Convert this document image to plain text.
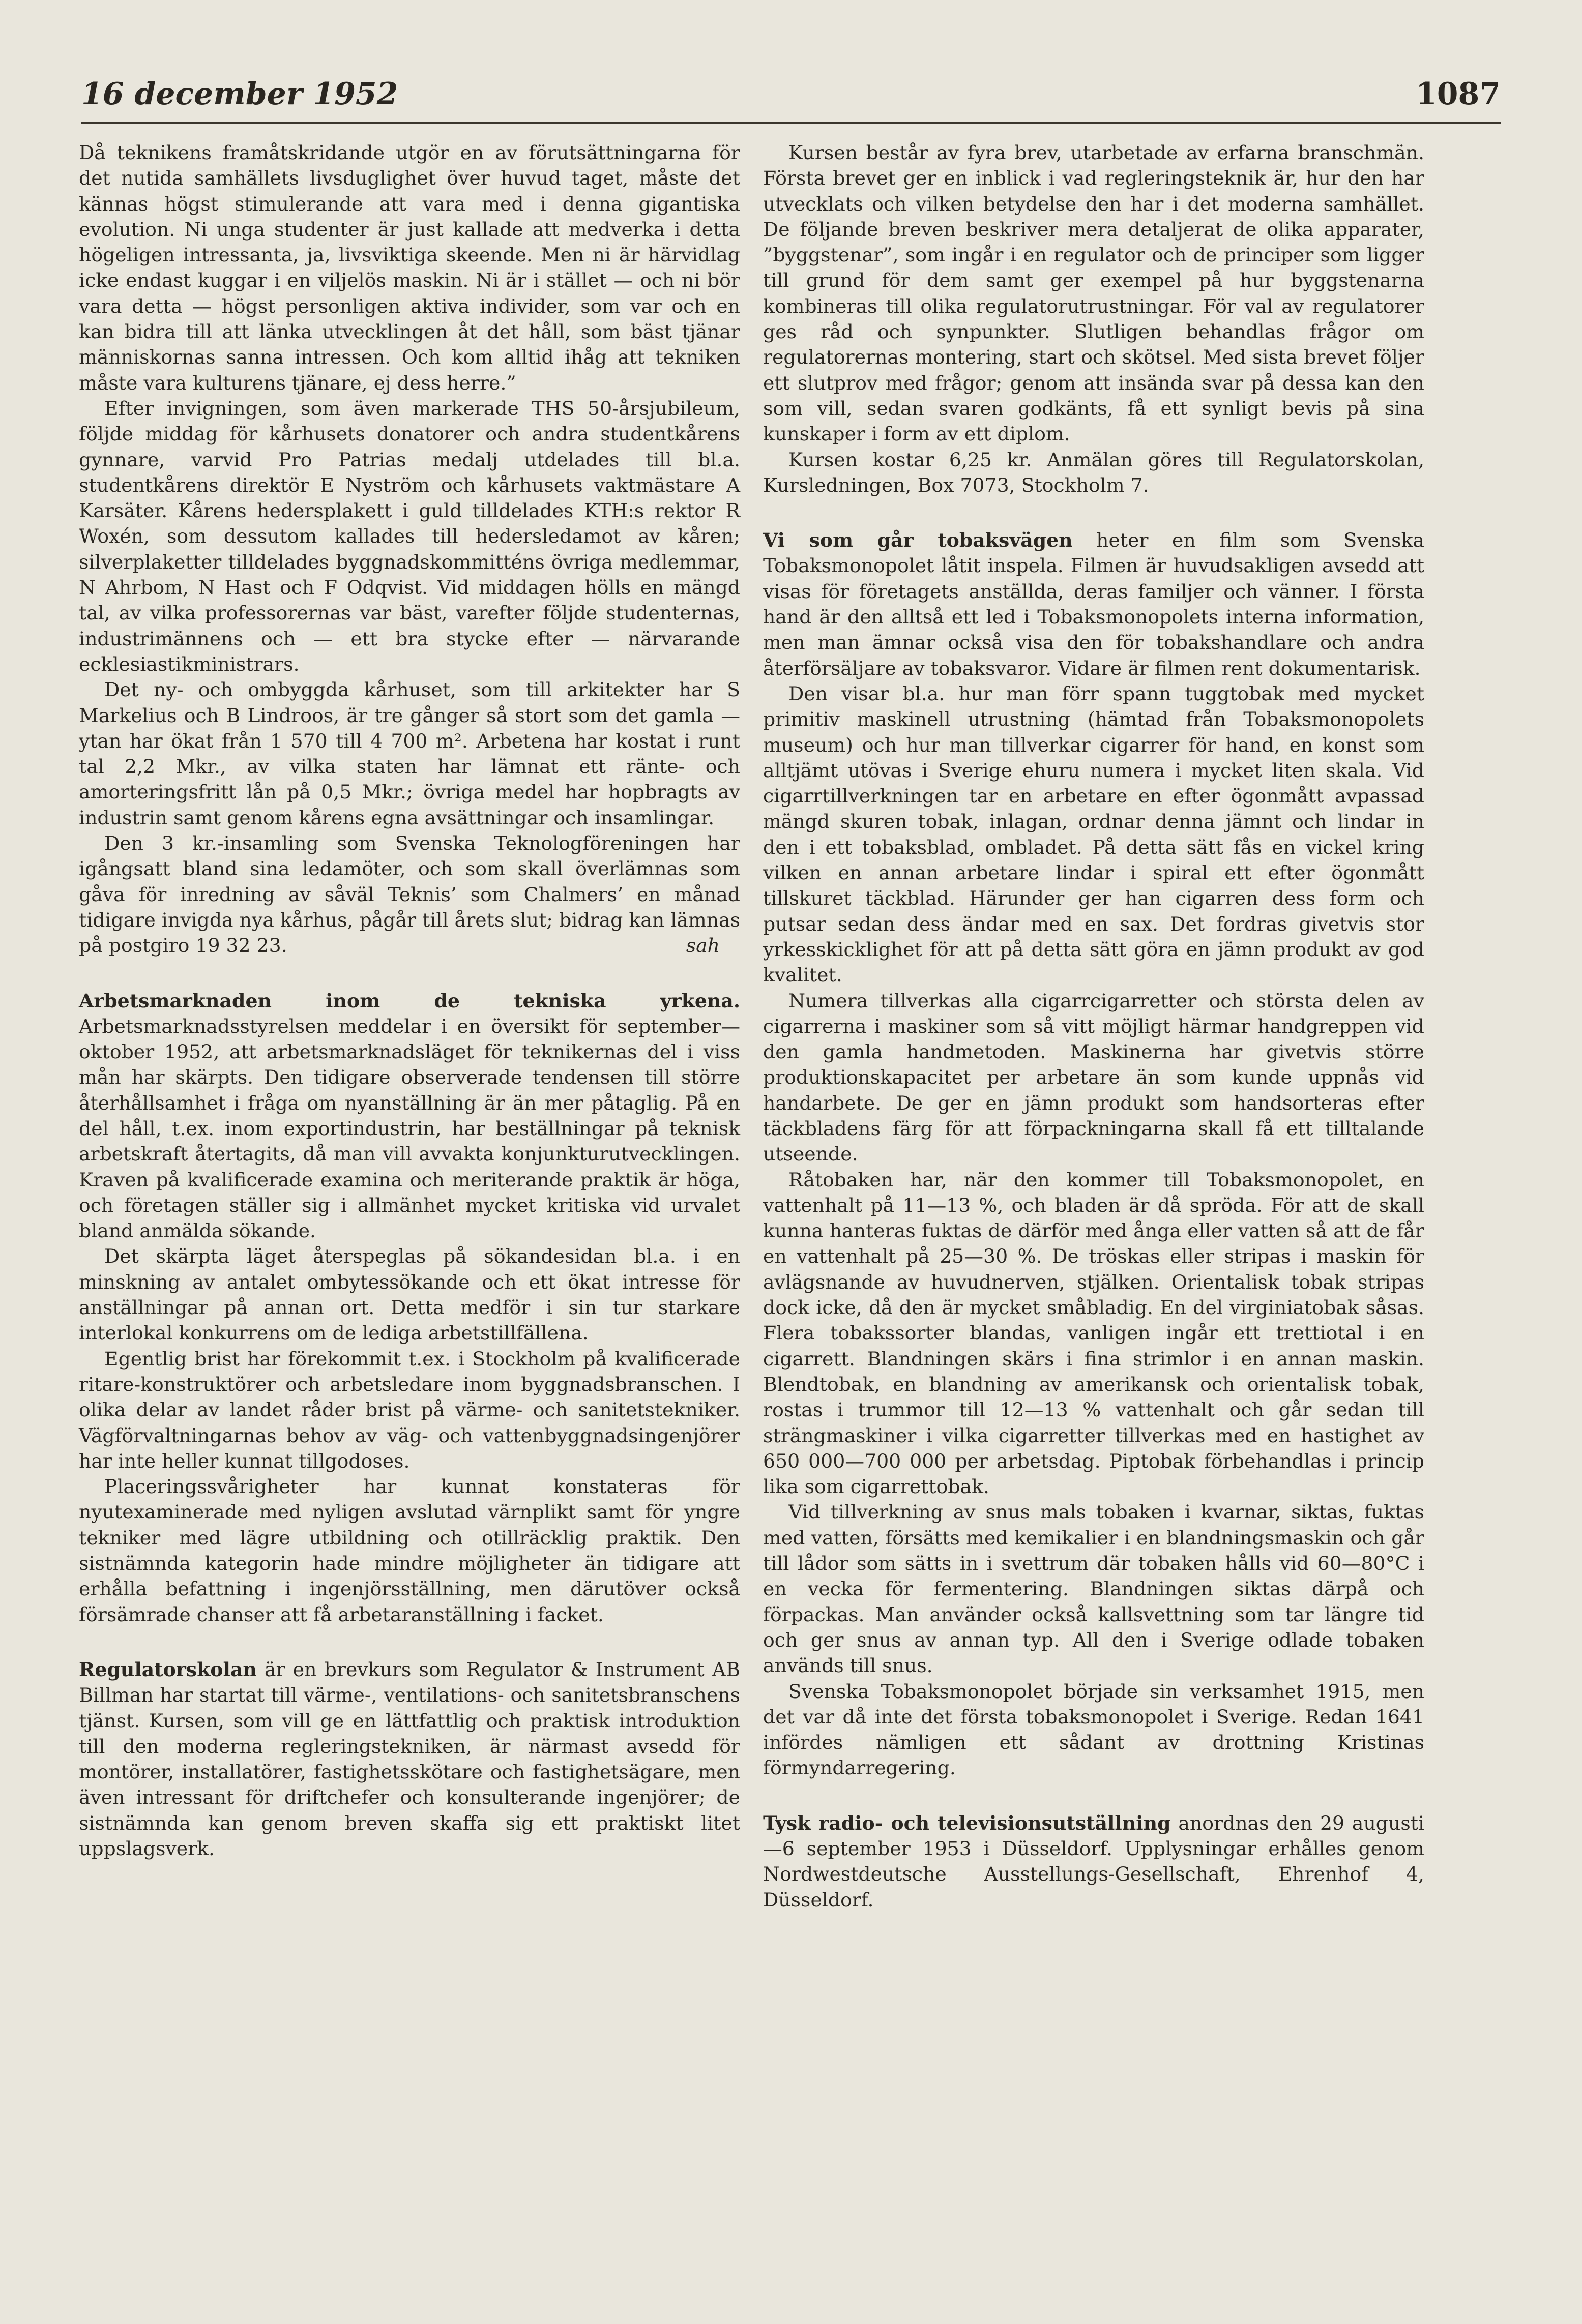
16 december 1952	1087

Då teknikens framåtskridande utgör en av förutsättningarna för det nutida samhällets livsduglighet över huvud taget, måste det kännas högst stimulerande att vara med i denna gigantiska evolution. Ni unga studenter är just kallade att medverka i detta högeligen intressanta, ja, livsviktiga skeende. Men ni är härvidlag icke endast kuggar i en viljelös maskin. Ni är i stället — och ni bör vara detta — högst personligen aktiva individer, som var och en kan bidra till att länka utvecklingen åt det håll, som bäst tjänar människornas sanna intressen. Och kom alltid ihåg att tekniken måste vara kulturens tjänare, ej dess herre.”

Efter invigningen, som även markerade THS 50-årsjubileum, följde middag för kårhusets donatorer och andra studentkårens gynnare, varvid Pro Patrias medalj utdelades till bl.a. studentkårens direktör E Nyström och kårhusets vaktmästare A Karsäter. Kårens hedersplakett i guld tilldelades KTH:s rektor R Woxén, som dessutom kallades till hedersledamot av kåren; silverplaketter tilldelades byggnadskommitténs övriga medlemmar, N Ahrbom, N Hast och F Odqvist. Vid middagen hölls en mängd tal, av vilka professorernas var bäst, varefter följde studenternas, industrimännens och — ett bra stycke efter — närvarande ecklesiastikministrars.

Det ny- och ombyggda kårhuset, som till arkitekter har S Markelius och B Lindroos, är tre gånger så stort som det gamla — ytan har ökat från 1 570 till 4 700 m². Arbetena har kostat i runt tal 2,2 Mkr., av vilka staten har lämnat ett ränte- och amorteringsfritt lån på 0,5 Mkr.; övriga medel har hopbragts av industrin samt genom kårens egna avsättningar och insamlingar.

Den 3 kr.-insamling som Svenska Teknologföreningen har igångsatt bland sina ledamöter, och som skall överlämnas som gåva för inredning av såväl Teknis’ som Chalmers’ en månad tidigare invigda nya kårhus, pågår till årets slut; bidrag kan lämnas på postgiro 19 32 23.	sah

Arbetsmarknaden inom de tekniska yrkena. Arbetsmarknadsstyrelsen meddelar i en översikt för september—oktober 1952, att arbetsmarknadsläget för teknikernas del i viss mån har skärpts. Den tidigare observerade tendensen till större återhållsamhet i fråga om nyanställning är än mer påtaglig. På en del håll, t.ex. inom exportindustrin, har beställningar på teknisk arbetskraft återtagits, då man vill avvakta konjunkturutvecklingen. Kraven på kvalificerade examina och meriterande praktik är höga, och företagen ställer sig i allmänhet mycket kritiska vid urvalet bland anmälda sökande.

Det skärpta läget återspeglas på sökandesidan bl.a. i en minskning av antalet ombytessökande och ett ökat intresse för anställningar på annan ort. Detta medför i sin tur starkare interlokal konkurrens om de lediga arbetstillfällena.

Egentlig brist har förekommit t.ex. i Stockholm på kvalificerade ritare-konstruktörer och arbetsledare inom byggnadsbranschen. I olika delar av landet råder brist på värme- och sanitetstekniker. Vägförvaltningarnas behov av väg- och vattenbyggnadsingenjörer har inte heller kunnat tillgodoses.

Placeringssvårigheter har kunnat konstateras för nyutexaminerade med nyligen avslutad värnplikt samt för yngre tekniker med lägre utbildning och otillräcklig praktik. Den sistnämnda kategorin hade mindre möjligheter än tidigare att erhålla befattning i ingenjörsställning, men därutöver också försämrade chanser att få arbetaranställning i facket.

Regulatorskolan är en brevkurs som Regulator & Instrument AB Billman har startat till värme-, ventilations- och sanitetsbranschens tjänst. Kursen, som vill ge en lättfattlig och praktisk introduktion till den moderna regleringstekniken, är närmast avsedd för montörer, installatörer, fastighetsskötare och fastighetsägare, men även intressant för driftchefer och konsulterande ingenjörer; de sistnämnda kan genom breven skaffa sig ett praktiskt litet uppslagsverk.

Kursen består av fyra brev, utarbetade av erfarna branschmän. Första brevet ger en inblick i vad regleringsteknik är, hur den har utvecklats och vilken betydelse den har i det moderna samhället. De följande breven beskriver mera detaljerat de olika apparater, ”byggstenar”, som ingår i en regulator och de principer som ligger till grund för dem samt ger exempel på hur byggstenarna kombineras till olika regulatorutrustningar. För val av regulatorer ges råd och synpunkter. Slutligen behandlas frågor om regulatorernas montering, start och skötsel. Med sista brevet följer ett slutprov med frågor; genom att insända svar på dessa kan den som vill, sedan svaren godkänts, få ett synligt bevis på sina kunskaper i form av ett diplom.

Kursen kostar 6,25 kr. Anmälan göres till Regulatorskolan, Kursledningen, Box 7073, Stockholm 7.

Vi som går tobaksvägen heter en film som Svenska Tobaksmonopolet låtit inspela. Filmen är huvudsakligen avsedd att visas för företagets anställda, deras familjer och vänner. I första hand är den alltså ett led i Tobaksmonopolets interna information, men man ämnar också visa den för tobakshandlare och andra återförsäljare av tobaksvaror. Vidare är filmen rent dokumentarisk.

Den visar bl.a. hur man förr spann tuggtobak med mycket primitiv maskinell utrustning (hämtad från Tobaksmonopolets museum) och hur man tillverkar cigarrer för hand, en konst som alltjämt utövas i Sverige ehuru numera i mycket liten skala. Vid cigarrtillverkningen tar en arbetare en efter ögonmått avpassad mängd skuren tobak, inlagan, ordnar denna jämnt och lindar in den i ett tobaksblad, ombladet. På detta sätt fås en vickel kring vilken en annan arbetare lindar i spiral ett efter ögonmått tillskuret täckblad. Härunder ger han cigarren dess form och putsar sedan dess ändar med en sax. Det fordras givetvis stor yrkesskicklighet för att på detta sätt göra en jämn produkt av god kvalitet.

Numera tillverkas alla cigarrcigarretter och största delen av cigarrerna i maskiner som så vitt möjligt härmar handgreppen vid den gamla handmetoden. Maskinerna har givetvis större produktionskapacitet per arbetare än som kunde uppnås vid handarbete. De ger en jämn produkt som handsorteras efter täckbladens färg för att förpackningarna skall få ett tilltalande utseende.

Råtobaken har, när den kommer till Tobaksmonopolet, en vattenhalt på 11—13 %, och bladen är då spröda. För att de skall kunna hanteras fuktas de därför med ånga eller vatten så att de får en vattenhalt på 25—30 %. De tröskas eller stripas i maskin för avlägsnande av huvudnerven, stjälken. Orientalisk tobak stripas dock icke, då den är mycket småbladig. En del virginiatobak såsas. Flera tobakssorter blandas, vanligen ingår ett trettiotal i en cigarrett. Blandningen skärs i fina strimlor i en annan maskin. Blendtobak, en blandning av amerikansk och orientalisk tobak, rostas i trummor till 12—13 % vattenhalt och går sedan till strängmaskiner i vilka cigarretter tillverkas med en hastighet av 650 000—700 000 per arbetsdag. Piptobak förbehandlas i princip lika som cigarrettobak.

Vid tillverkning av snus mals tobaken i kvarnar, siktas, fuktas med vatten, försätts med kemikalier i en blandningsmaskin och går till lådor som sätts in i svettrum där tobaken hålls vid 60—80°C i en vecka för fermentering. Blandningen siktas därpå och förpackas. Man använder också kallsvettning som tar längre tid och ger snus av annan typ. All den i Sverige odlade tobaken används till snus.

Svenska Tobaksmonopolet började sin verksamhet 1915, men det var då inte det första tobaksmonopolet i Sverige. Redan 1641 infördes nämligen ett sådant av drottning Kristinas förmyndarregering.

Tysk radio- och televisionsutställning anordnas den 29 augusti—6 september 1953 i Düsseldorf. Upplysningar erhålles genom Nordwestdeutsche Ausstellungs-Gesellschaft, Ehrenhof 4, Düsseldorf.
